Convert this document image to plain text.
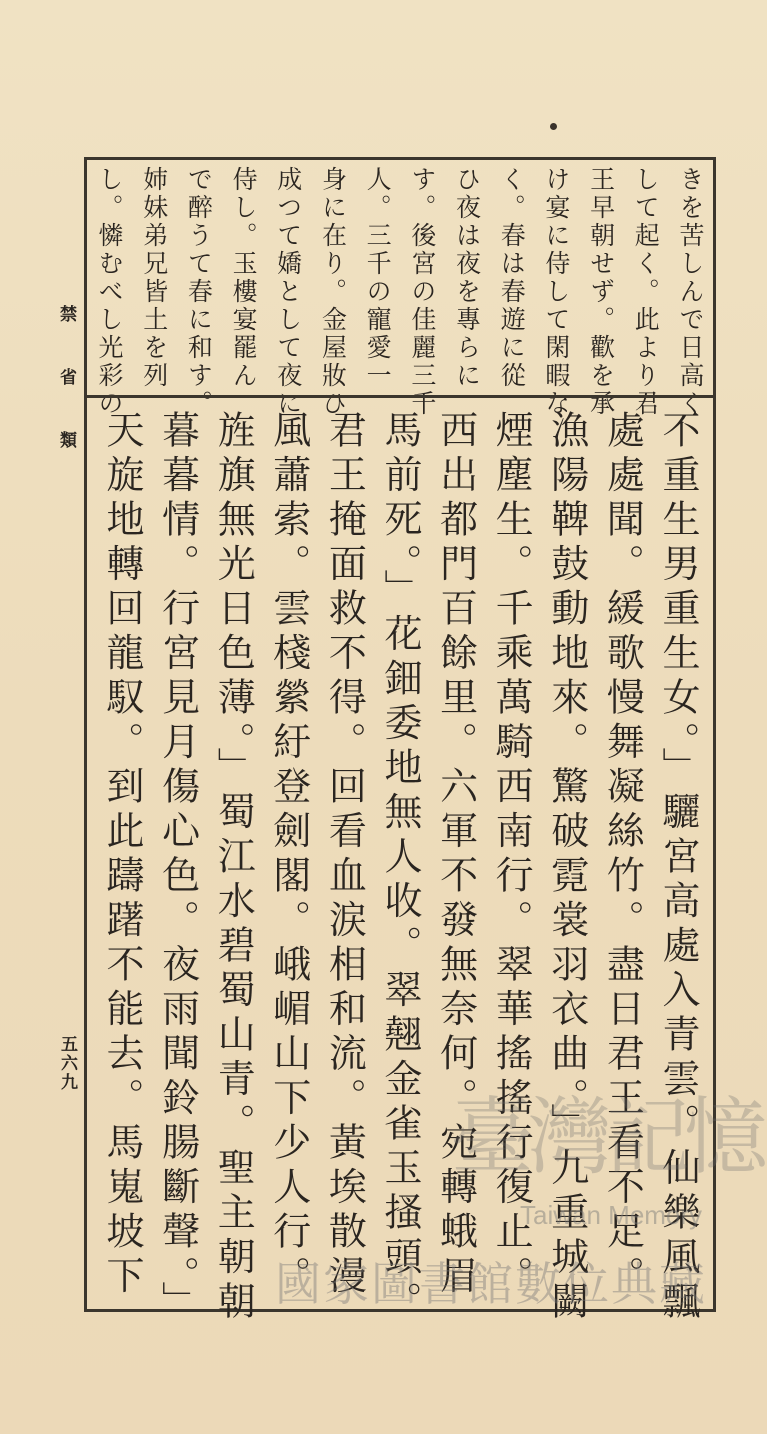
禁 省 類
五六九
きを苦しんで日高く
して起く。此より君
王早朝せず。歡を承
け宴に侍して閑暇な
く。春は春遊に從
ひ夜は夜を專らに
す。後宮の佳麗三千
人。三千の寵愛一
身に在り。金屋妝ひ
成つて嬌として夜に
侍し。玉樓宴罷ん
で醉うて春に和す。
姉妹弟兄皆土を列
し。憐むべし光彩の
不重生男重生女。」驪宮高處入青雲。仙樂風飄
處處聞。緩歌慢舞凝絲竹。盡日君王看不足。
漁陽鞞鼓動地來。驚破霓裳羽衣曲。」九重城闕
煙塵生。千乘萬騎西南行。翠華搖搖行復止。
西出都門百餘里。六軍不發無奈何。宛轉蛾眉
馬前死。」花鈿委地無人收。翠翹金雀玉搔頭。
君王掩面救不得。回看血涙相和流。黃埃散漫
風蕭索。雲棧縈紆登劍閣。峨嵋山下少人行。
旌旗無光日色薄。」蜀江水碧蜀山青。聖主朝朝
暮暮情。行宮見月傷心色。夜雨聞鈴腸斷聲。」
天旋地轉回龍馭。到此躊躇不能去。馬嵬坡下	臺灣記憶
Taiwan Memory
國家圖書館數位典藏
